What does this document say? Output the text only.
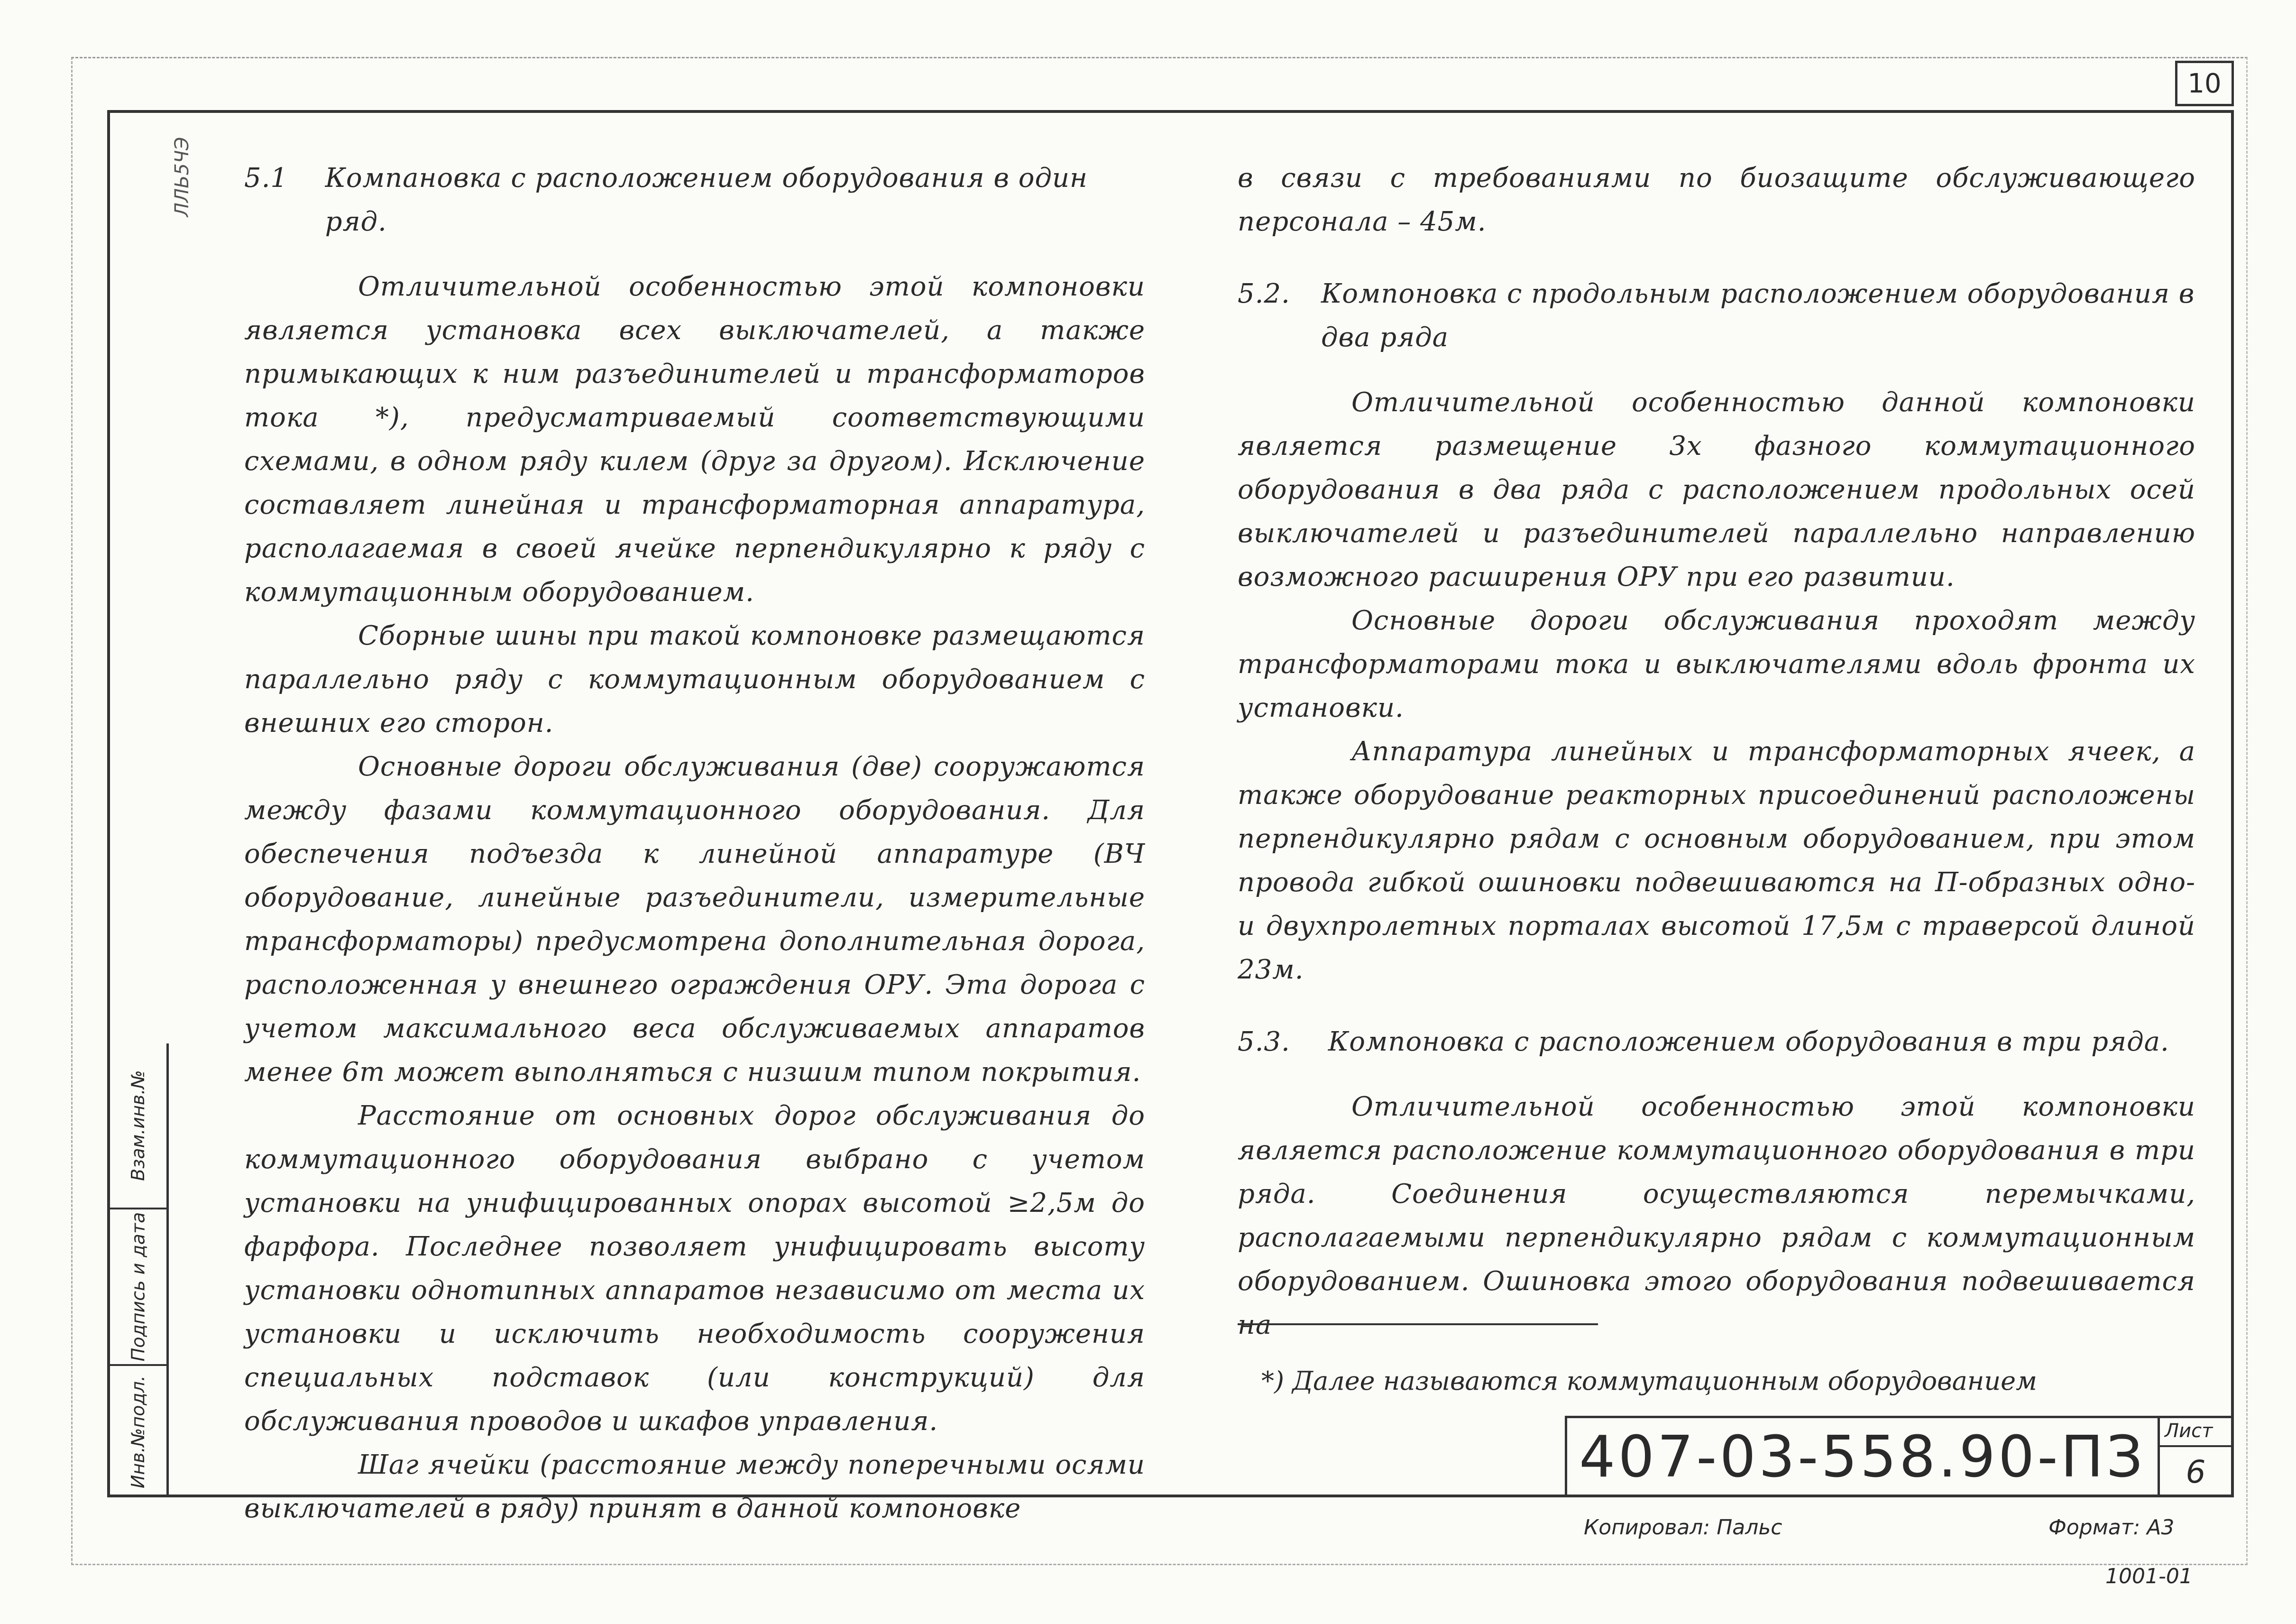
10
ЛЛЬ5ЧЭ
Взам.инв.№
Подпись и дата
Инв.№подл.
5.1 Компановка с расположением оборудования в один ряд.

Отличительной особенностью этой компоновки является установка всех выключателей, а также примыкающих к ним разъединителей и трансформаторов тока *), предусматриваемый соответствующими схемами, в одном ряду килем (друг за другом). Исключение составляет линейная и трансформаторная аппаратура, располагаемая в своей ячейке перпендикулярно к ряду с коммутационным оборудованием.

Сборные шины при такой компоновке размещаются параллельно ряду с коммутационным оборудованием с внешних его сторон.

Основные дороги обслуживания (две) сооружаются между фазами коммутационного оборудования. Для обеспечения подъезда к линейной аппаратуре (ВЧ оборудование, линейные разъединители, измерительные трансформаторы) предусмотрена дополнительная дорога, расположенная у внешнего ограждения ОРУ. Эта дорога с учетом максимального веса обслуживаемых аппаратов менее 6т может выполняться с низшим типом покрытия.

Расстояние от основных дорог обслуживания до коммутационного оборудования выбрано с учетом установки на унифицированных опорах высотой ≥2,5м до фарфора. Последнее позволяет унифицировать высоту установки однотипных аппаратов независимо от места их установки и исключить необходимость сооружения специальных подставок (или конструкций) для обслуживания проводов и шкафов управления.

Шаг ячейки (расстояние между поперечными осями выключателей в ряду) принят в данной компоновке

в связи с требованиями по биозащите обслуживающего персонала – 45м.

5.2. Компоновка с продольным расположением оборудования в два ряда

Отличительной особенностью данной компоновки является размещение 3х фазного коммутационного оборудования в два ряда с расположением продольных осей выключателей и разъединителей параллельно направлению возможного расширения ОРУ при его развитии.

Основные дороги обслуживания проходят между трансформаторами тока и выключателями вдоль фронта их установки.

Аппаратура линейных и трансформаторных ячеек, а также оборудование реакторных присоединений расположены перпендикулярно рядам с основным оборудованием, при этом провода гибкой ошиновки подвешиваются на П-образных одно- и двухпролетных порталах высотой 17,5м с траверсой длиной 23м.

5.3. Компоновка с расположением оборудования в три ряда.

Отличительной особенностью этой компоновки является расположение коммутационного оборудования в три ряда. Соединения осуществляются перемычками, располагаемыми перпендикулярно рядам с коммутационным оборудованием. Ошиновка этого оборудования подвешивается на

*) Далее называются коммутационным оборудованием
407-03-558.90-ПЗ	Лист
6
Копировал: Пальс	Формат: А3
1001-01
